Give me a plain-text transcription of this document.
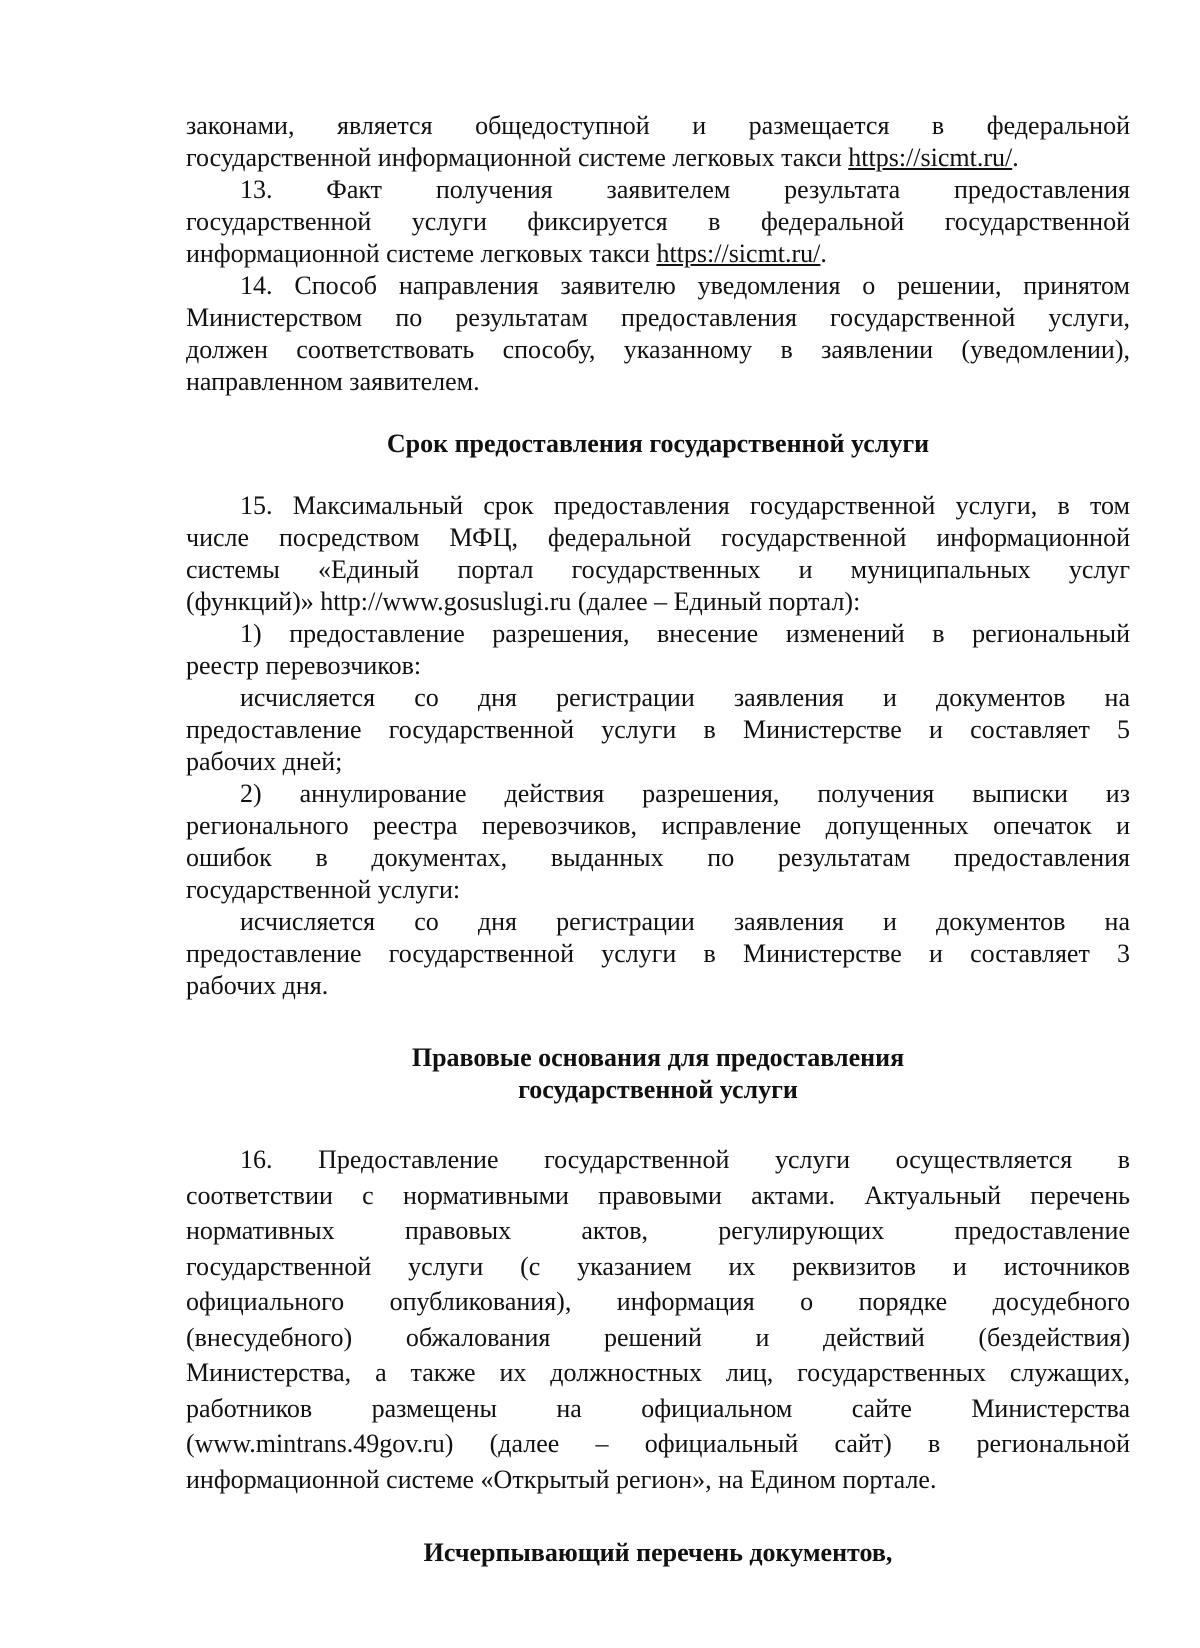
законами, является общедоступной и размещается в федеральной

государственной информационной системе легковых такси https://sicmt.ru/.

13. Факт получения заявителем результата предоставления

государственной услуги фиксируется в федеральной государственной

информационной системе легковых такси https://sicmt.ru/.

14. Способ направления заявителю уведомления о решении, принятом

Министерством по результатам предоставления государственной услуги,

должен соответствовать способу, указанному в заявлении (уведомлении),

направленном заявителем.

Срок предоставления государственной услуги

15. Максимальный срок предоставления государственной услуги, в том

числе посредством МФЦ, федеральной государственной информационной

системы «Единый портал государственных и муниципальных услуг

(функций)» http://www.gosuslugi.ru (далее – Единый портал):

1) предоставление разрешения, внесение изменений в региональный

реестр перевозчиков:

исчисляется со дня регистрации заявления и документов на

предоставление государственной услуги в Министерстве и составляет 5

рабочих дней;

2) аннулирование действия разрешения, получения выписки из

регионального реестра перевозчиков, исправление допущенных опечаток и

ошибок в документах, выданных по результатам предоставления

государственной услуги:

исчисляется со дня регистрации заявления и документов на

предоставление государственной услуги в Министерстве и составляет 3

рабочих дня.

Правовые основания для предоставления
государственной услуги

16. Предоставление государственной услуги осуществляется в

соответствии с нормативными правовыми актами. Актуальный перечень

нормативных правовых актов, регулирующих предоставление

государственной услуги (с указанием их реквизитов и источников

официального опубликования), информация о порядке досудебного

(внесудебного) обжалования решений и действий (бездействия)

Министерства, а также их должностных лиц, государственных служащих,

работников размещены на официальном сайте Министерства

(www.mintrans.49gov.ru) (далее – официальный сайт) в региональной

информационной системе «Открытый регион», на Едином портале.

Исчерпывающий перечень документов,
